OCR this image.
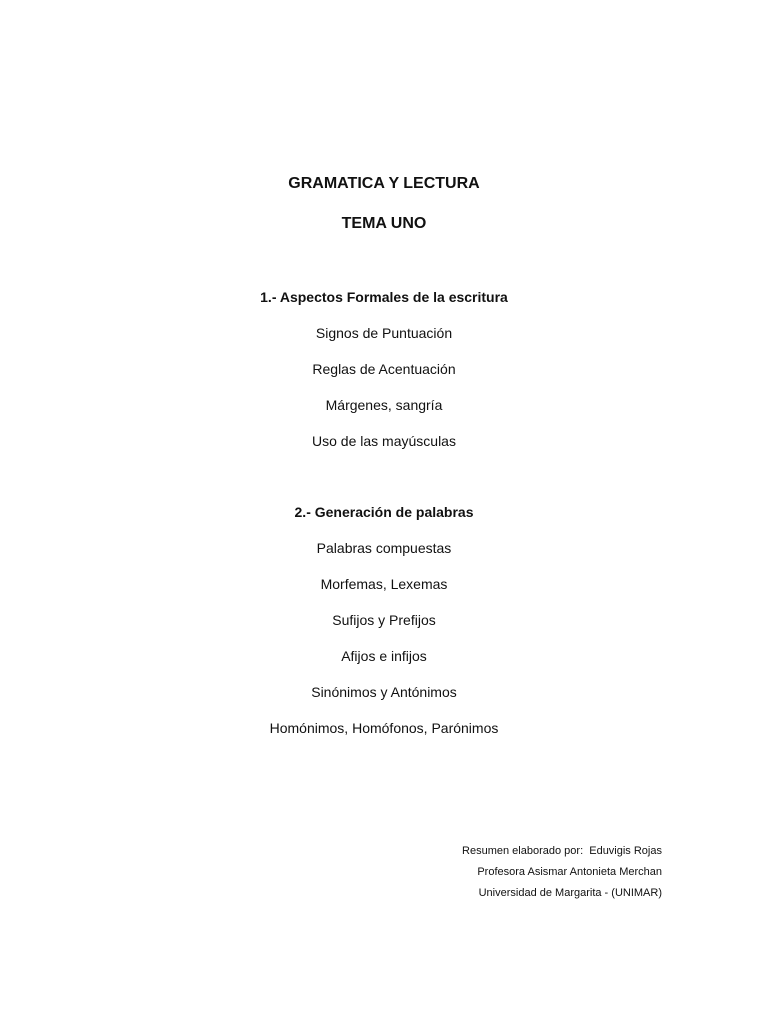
GRAMATICA Y LECTURA
TEMA UNO
1.- Aspectos Formales de la escritura
Signos de Puntuación
Reglas de Acentuación
Márgenes, sangría
Uso de las mayúsculas
2.- Generación de palabras
Palabras compuestas
Morfemas, Lexemas
Sufijos y Prefijos
Afijos e infijos
Sinónimos y Antónimos
Homónimos, Homófonos, Parónimos
Resumen elaborado por:  Eduvigis Rojas
Profesora Asismar Antonieta Merchan
Universidad de Margarita - (UNIMAR)
